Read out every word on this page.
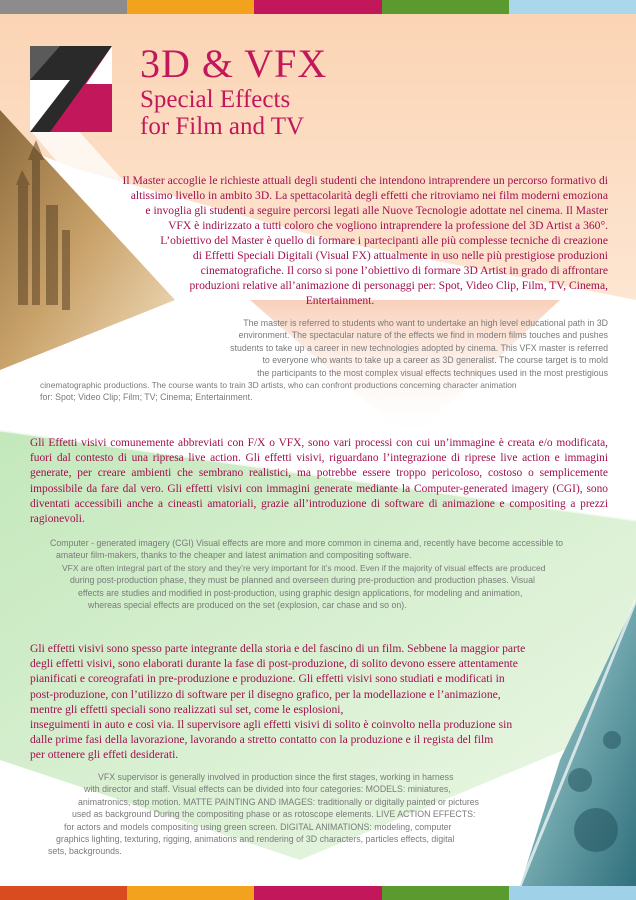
3D & VFX
Special Effects
for Film and TV

Il Master accoglie le richieste attuali degli studenti che intendono intraprendere un percorso formativo di

altissimo livello in ambito 3D. La spettacolarità degli effetti che ritroviamo nei film moderni emoziona

e invoglia gli studenti a seguire percorsi legati alle Nuove Tecnologie adottate nel cinema. Il Master

VFX è indirizzato a tutti coloro che vogliono intraprendere la professione del 3D Artist a 360°.

L’obiettivo del Master è quello di formare i partecipanti alle più complesse tecniche di creazione

di Effetti Speciali Digitali (Visual FX) attualmente in uso nelle più prestigiose produzioni

cinematografiche. Il corso si pone l’obiettivo di formare 3D Artist in grado di affrontare

produzioni relative all’animazione di personaggi per: Spot, Video Clip, Film, TV, Cinema,

Entertainment.

The master is referred to students who want to undertake an high level educational path in 3D

environment. The spectacular nature of the effects we find in modern films touches and pushes

students to take up a career in new technologies adopted by cinema. This VFX master is referred

to everyone who wants to take up a career as 3D generalist. The course target is to mold

the participants to the most complex visual effects techniques used in the most prestigious

cinematographic productions. The course wants to train 3D artists, who can confront productions concerning character animation

for: Spot; Video Clip; Film; TV; Cinema; Entertainment.

Gli Effetti visivi comunemente abbreviati con F/X o VFX, sono vari processi con cui un’immagine è creata e/o modificata, fuori dal contesto di una ripresa live action. Gli effetti visivi, riguardano l’integrazione di riprese live action e immagini generate, per creare ambienti che sembrano realistici, ma potrebbe essere troppo pericoloso, costoso o semplicemente impossibile da fare dal vero. Gli effetti visivi con immagini generate mediante la Computer-generated imagery (CGI), sono diventati accessibili anche a cineasti amatoriali, grazie all’introduzione di software di animazione e compositing a prezzi ragionevoli.

Computer - generated imagery (CGI) Visual effects are more and more common in cinema and, recently have become accessible to

amateur film-makers, thanks to the cheaper and latest animation and compositing software.

VFX are often integral part of the story and they’re very important for it’s mood. Even if the majority of visual effects are produced

during post-production phase, they must be planned and overseen during pre-production and production phases. Visual

effects are studies and modified in post-production, using graphic design applications, for modeling and animation,

whereas special effects are produced on the set (explosion, car chase and so on).

Gli effetti visivi sono spesso parte integrante della storia e del fascino di un film. Sebbene la maggior parte

degli effetti visivi, sono elaborati durante la fase di post-produzione, di solito devono essere attentamente

pianificati e coreografati in pre-produzione e produzione. Gli effetti visivi sono studiati e modificati in

post-produzione, con l’utilizzo di software per il disegno grafico, per la modellazione e l’animazione,

mentre gli effetti speciali sono realizzati sul set, come le esplosioni,

inseguimenti in auto e così via. Il supervisore agli effetti visivi di solito è coinvolto nella produzione sin

dalle prime fasi della lavorazione, lavorando a stretto contatto con la produzione e il regista del film

per ottenere gli effeti desiderati.

VFX supervisor is generally involved in production since the first stages, working in harness

with director and staff. Visual effects can be divided into four categories: MODELS: miniatures,

animatronics, stop motion. MATTE PAINTING AND IMAGES: traditionally or digitally painted or pictures

used as background During the compositing phase or as rotoscope elements. LIVE ACTION EFFECTS:

for actors and models compositing using green screen. DIGITAL ANIMATIONS: modeling, computer

graphics lighting, texturing, rigging, animations and rendering of 3D characters, particles effects, digital

sets, backgrounds.
